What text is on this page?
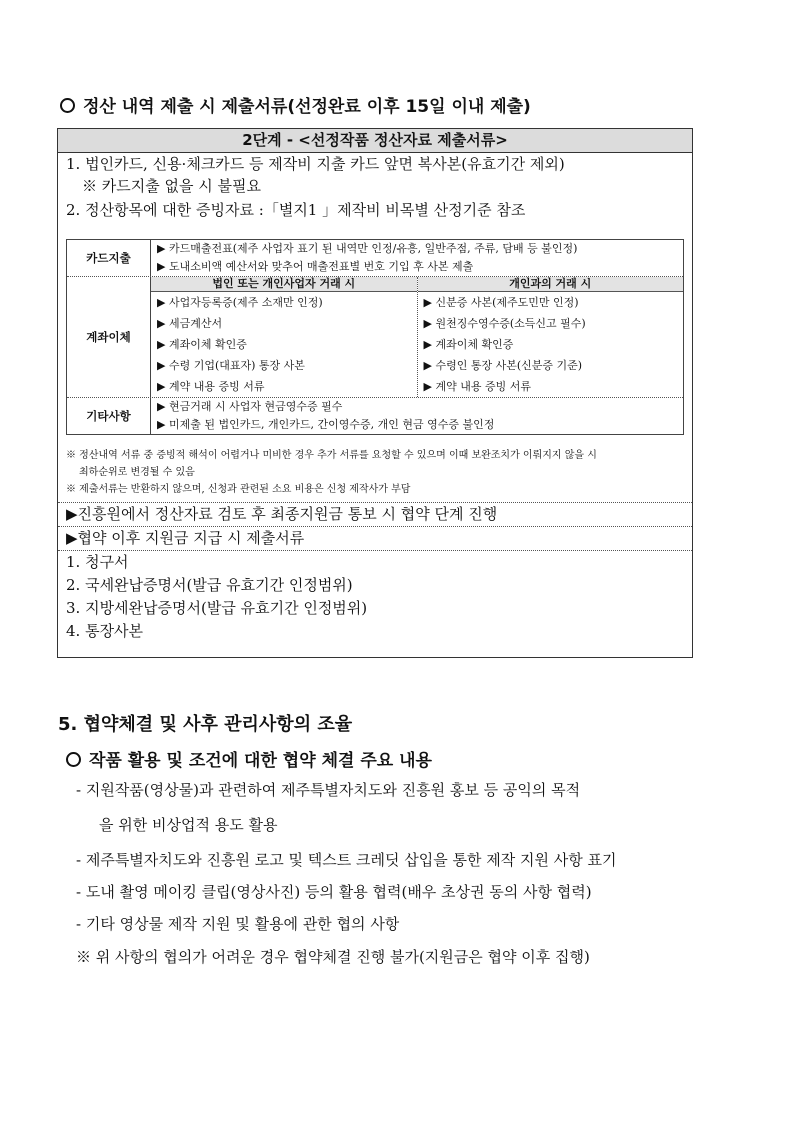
정산 내역 제출 시 제출서류(선정완료 이후 15일 이내 제출)
2단계 - <선정작품 정산자료 제출서류>
1. 법인카드, 신용·체크카드 등 제작비 지출 카드 앞면 복사본(유효기간 제외)
※ 카드지출 없을 시 불필요
2. 정산항목에 대한 증빙자료 :「별지1 」제작비 비목별 산정기준 참조
카드지출
▶ 카드매출전표(제주 사업자 표기 된 내역만 인정/유흥, 일반주점, 주류, 담배 등 불인정)
▶ 도내소비액 예산서와 맞추어 매출전표별 번호 기입 후 사본 제출
계좌이체
법인 또는 개인사업자 거래 시
▶ 사업자등록증(제주 소재만 인정)
▶ 세금계산서
▶ 계좌이체 확인증
▶ 수령 기업(대표자) 통장 사본
▶ 계약 내용 증빙 서류
개인과의 거래 시
▶ 신분증 사본(제주도민만 인정)
▶ 원천징수영수증(소득신고 필수)
▶ 계좌이체 확인증
▶ 수령인 통장 사본(신분증 기준)
▶ 계약 내용 증빙 서류
기타사항
▶ 현금거래 시 사업자 현금영수증 필수
▶ 미제출 된 법인카드, 개인카드, 간이영수증, 개인 현금 영수증 불인정
※ 정산내역 서류 중 증빙적 해석이 어렵거나 미비한 경우 추가 서류를 요청할 수 있으며 이때 보완조치가 이뤄지지 않을 시
최하순위로 변경될 수 있음
※ 제출서류는 반환하지 않으며, 신청과 관련된 소요 비용은 신청 제작사가 부담
▶진흥원에서 정산자료 검토 후 최종지원금 통보 시 협약 단계 진행
▶협약 이후 지원금 지급 시 제출서류
1. 청구서
2. 국세완납증명서(발급 유효기간 인정범위)
3. 지방세완납증명서(발급 유효기간 인정범위)
4. 통장사본
5. 협약체결 및 사후 관리사항의 조율
작품 활용 및 조건에 대한 협약 체결 주요 내용
- 지원작품(영상물)과 관련하여 제주특별자치도와 진흥원 홍보 등 공익의 목적
을 위한 비상업적 용도 활용
- 제주특별자치도와 진흥원 로고 및 텍스트 크레딧 삽입을 통한 제작 지원 사항 표기
- 도내 촬영 메이킹 클립(영상사진) 등의 활용 협력(배우 초상권 동의 사항 협력)
- 기타 영상물 제작 지원 및 활용에 관한 협의 사항
※ 위 사항의 협의가 어려운 경우 협약체결 진행 불가(지원금은 협약 이후 집행)
